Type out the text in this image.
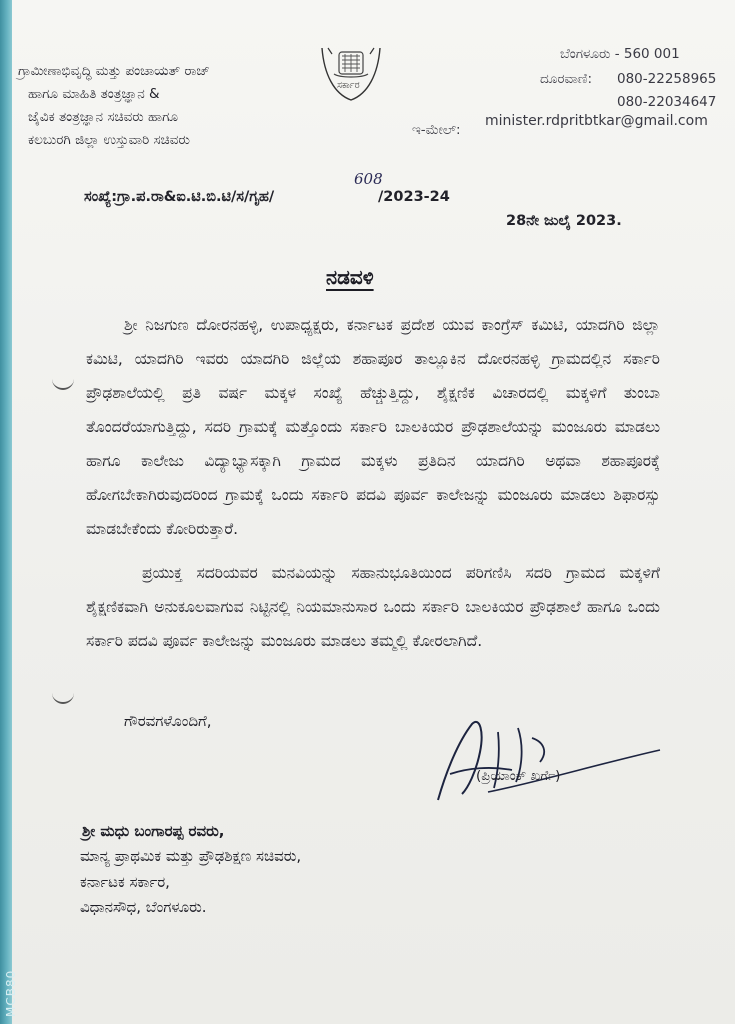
MCB80
ಗ್ರಾಮೀಣಾಭಿವೃದ್ಧಿ ಮತ್ತು ಪಂಚಾಯತ್ ರಾಜ್
ಹಾಗೂ ಮಾಹಿತಿ ತಂತ್ರಜ್ಞಾನ &
ಜೈವಿಕ ತಂತ್ರಜ್ಞಾನ ಸಚಿವರು ಹಾಗೂ
ಕಲಬುರಗಿ ಜಿಲ್ಲಾ ಉಸ್ತುವಾರಿ ಸಚಿವರು
ಸರ್ಕಾರ
ಬೆಂಗಳೂರು - 560 001
ದೂರವಾಣಿ: 080-22258965
080-22034647
ಇ-ಮೇಲ್:
minister.rdpritbtkar@gmail.com
ಸಂಖ್ಯೆ:ಗ್ರಾ.ಪ.ರಾ&ಐ.ಟಿ.ಬಿ.ಟಿ/ಸ/ಗೃಹ/
608
/2023-24
28ನೇ ಜುಲೈ 2023.
ನಡವಳಿ

ಶ್ರೀ ನಿಜಗುಣ ದೋರನಹಳ್ಳಿ, ಉಪಾಧ್ಯಕ್ಷರು, ಕರ್ನಾಟಕ ಪ್ರದೇಶ ಯುವ ಕಾಂಗ್ರೆಸ್ ಕಮಿಟಿ, ಯಾದಗಿರಿ ಜಿಲ್ಲಾ ಕಮಿಟಿ, ಯಾದಗಿರಿ ಇವರು ಯಾದಗಿರಿ ಜಿಲ್ಲೆಯ ಶಹಾಪೂರ ತಾಲ್ಲೂಕಿನ ದೋರನಹಳ್ಳಿ ಗ್ರಾಮದಲ್ಲಿನ ಸರ್ಕಾರಿ ಪ್ರೌಢಶಾಲೆಯಲ್ಲಿ ಪ್ರತಿ ವರ್ಷ ಮಕ್ಕಳ ಸಂಖ್ಯೆ ಹೆಚ್ಚುತ್ತಿದ್ದು, ಶೈಕ್ಷಣಿಕ ವಿಚಾರದಲ್ಲಿ ಮಕ್ಕಳಿಗೆ ತುಂಬಾ ತೊಂದರೆಯಾಗುತ್ತಿದ್ದು, ಸದರಿ ಗ್ರಾಮಕ್ಕೆ ಮತ್ತೊಂದು ಸರ್ಕಾರಿ ಬಾಲಕಿಯರ ಪ್ರೌಢಶಾಲೆಯನ್ನು ಮಂಜೂರು ಮಾಡಲು ಹಾಗೂ ಕಾಲೇಜು ವಿದ್ಯಾಭ್ಯಾಸಕ್ಕಾಗಿ ಗ್ರಾಮದ ಮಕ್ಕಳು ಪ್ರತಿದಿನ ಯಾದಗಿರಿ ಅಥವಾ ಶಹಾಪೂರಕ್ಕೆ ಹೋಗಬೇಕಾಗಿರುವುದರಿಂದ ಗ್ರಾಮಕ್ಕೆ ಒಂದು ಸರ್ಕಾರಿ ಪದವಿ ಪೂರ್ವ ಕಾಲೇಜನ್ನು ಮಂಜೂರು ಮಾಡಲು ಶಿಫಾರಸ್ಸು ಮಾಡಬೇಕೆಂದು ಕೋರಿರುತ್ತಾರೆ.

ಪ್ರಯುಕ್ತ ಸದರಿಯವರ ಮನವಿಯನ್ನು ಸಹಾನುಭೂತಿಯಿಂದ ಪರಿಗಣಿಸಿ ಸದರಿ ಗ್ರಾಮದ ಮಕ್ಕಳಿಗೆ ಶೈಕ್ಷಣಿಕವಾಗಿ ಅನುಕೂಲವಾಗುವ ನಿಟ್ಟಿನಲ್ಲಿ ನಿಯಮಾನುಸಾರ ಒಂದು ಸರ್ಕಾರಿ ಬಾಲಕಿಯರ ಪ್ರೌಢಶಾಲೆ ಹಾಗೂ ಒಂದು ಸರ್ಕಾರಿ ಪದವಿ ಪೂರ್ವ ಕಾಲೇಜನ್ನು ಮಂಜೂರು ಮಾಡಲು ತಮ್ಮಲ್ಲಿ ಕೋರಲಾಗಿದೆ.

ಗೌರವಗಳೊಂದಿಗೆ,
(ಪ್ರಿಯಾಂಕ್ ಖರ್ಗೆ)
ಶ್ರೀ ಮಧು ಬಂಗಾರಪ್ಪ ರವರು,
ಮಾನ್ಯ ಪ್ರಾಥಮಿಕ ಮತ್ತು ಪ್ರೌಢಶಿಕ್ಷಣ ಸಚಿವರು,
ಕರ್ನಾಟಕ ಸರ್ಕಾರ,
ವಿಧಾನಸೌಧ, ಬೆಂಗಳೂರು.
